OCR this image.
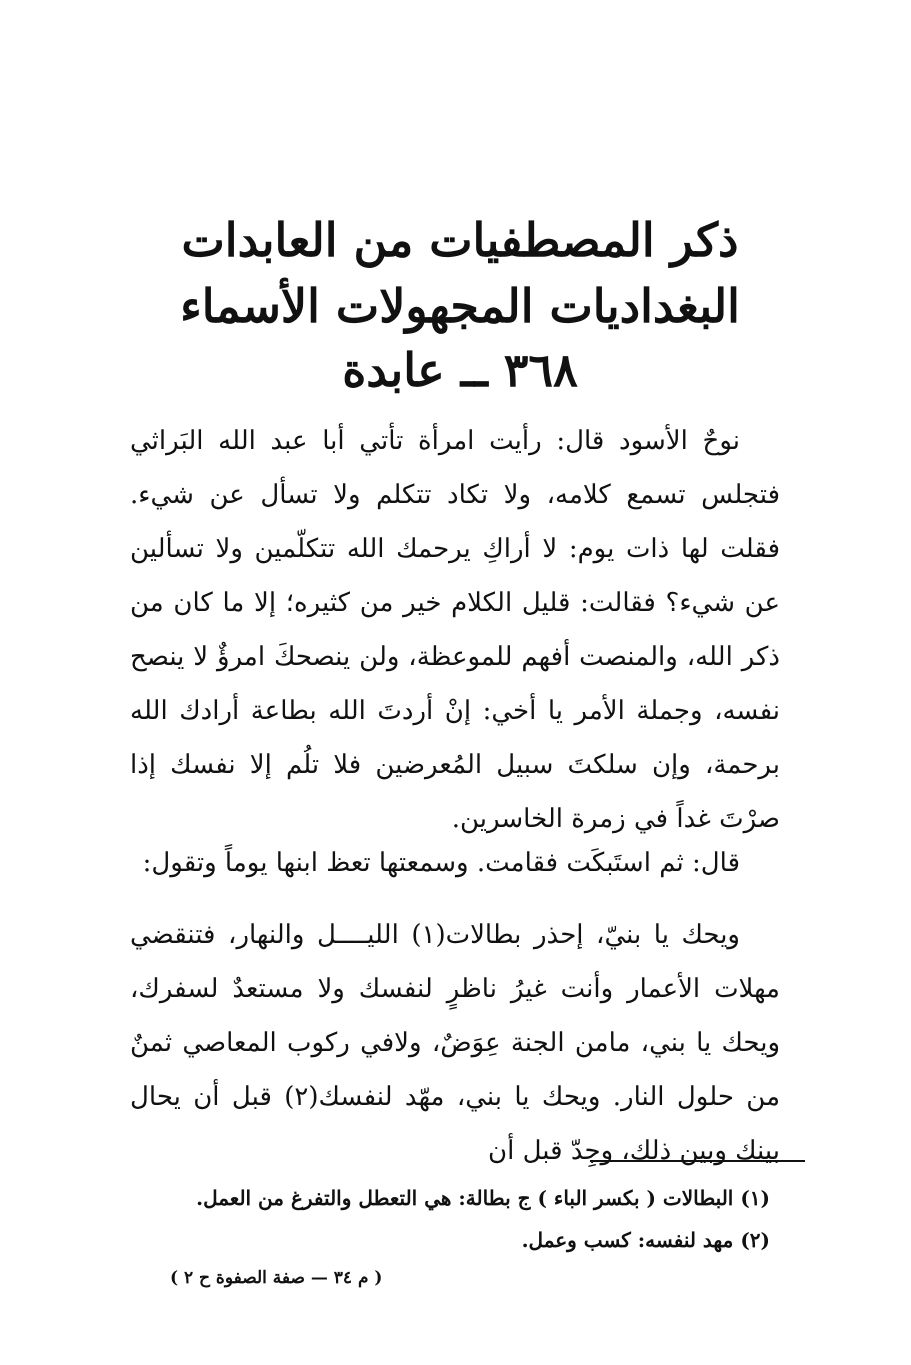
ذكر المصطفيات من العابدات
البغداديات المجهولات الأسماء
٣٦٨ ــ عابدة
نوحٌ الأسود قال: رأيت امرأة تأتي أبا عبد الله البَراثي فتجلس تسمع كلامه، ولا تكاد تتكلم ولا تسأل عن شيء. فقلت لها ذات يوم: لا أراكِ يرحمك الله تتكلّمين ولا تسألين عن شيء؟ فقالت: قليل الكلام خير من كثيره؛ إلا ما كان من ذكر الله، والمنصت أفهم للموعظة، ولن ينصحكَ امرؤٌ لا ينصح نفسه، وجملة الأمر يا أخي: إنْ أردتَ الله بطاعة أرادك الله برحمة، وإن سلكتَ سبيل المُعرضين فلا تلُم إلا نفسك إذا صرْتَ غداً في زمرة الخاسرين.
قال: ثم استَبكَت فقامت. وسمعتها تعظ ابنها يوماً وتقول:
ويحك يا بنيّ، إحذر بطالات(١) الليــــل والنهار، فتنقضي مهلات الأعمار وأنت غيرُ ناظرٍ لنفسك ولا مستعدٌ لسفرك، ويحك يا بني، مامن الجنة عِوَضٌ، ولافي ركوب المعاصي ثمنٌ من حلول النار. ويحك يا بني، مهّد لنفسك(٢) قبل أن يحال بينك وبين ذلك، وجِدّ قبل أن
(١) البطالات ( بكسر الباء ) ج بطالة: هي التعطل والتفرغ من العمل.
(٢) مهد لنفسه: كسب وعمل.
( م ٣٤ — صفة الصفوة ح ٢ )
